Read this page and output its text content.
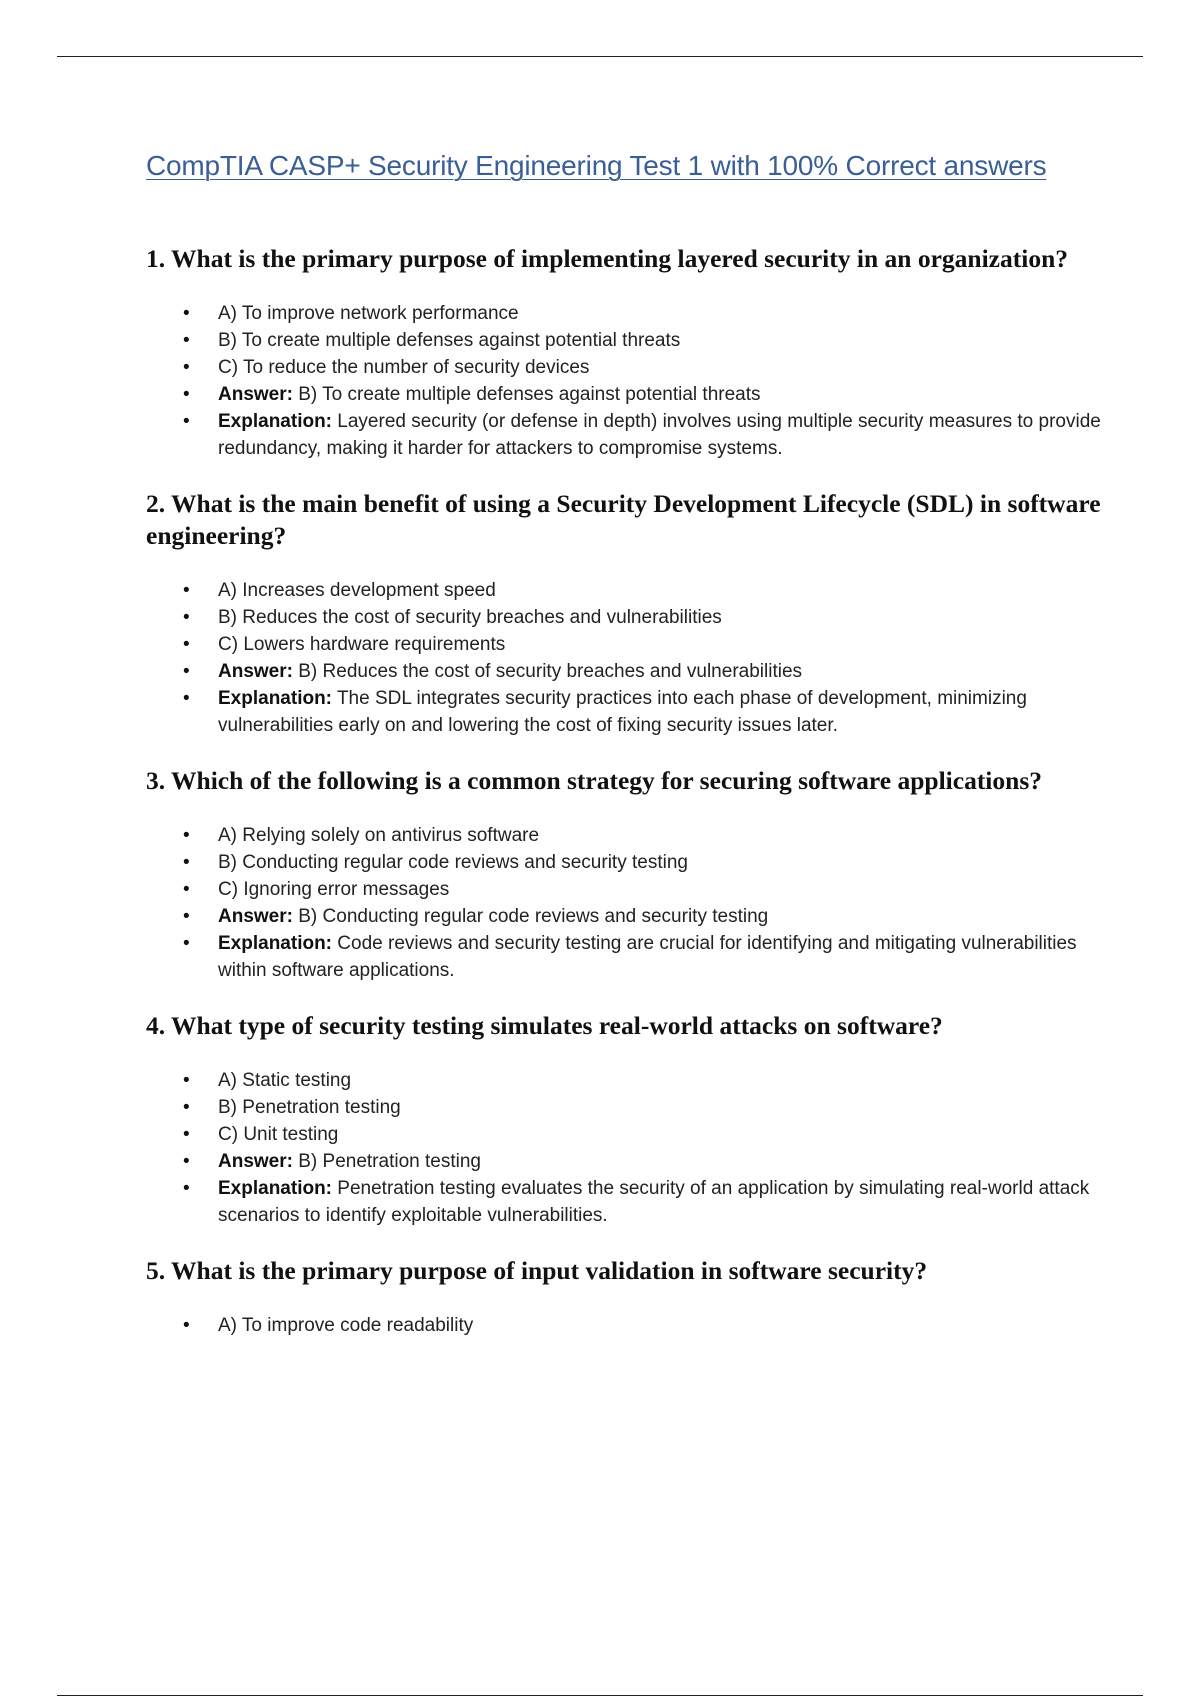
CompTIA CASP+ Security Engineering Test 1 with 100% Correct answers
1. What is the primary purpose of implementing layered security in an organization?
• A) To improve network performance
• B) To create multiple defenses against potential threats
• C) To reduce the number of security devices
• Answer: B) To create multiple defenses against potential threats
• Explanation: Layered security (or defense in depth) involves using multiple security measures to provide redundancy, making it harder for attackers to compromise systems.
2. What is the main benefit of using a Security Development Lifecycle (SDL) in software engineering?
• A) Increases development speed
• B) Reduces the cost of security breaches and vulnerabilities
• C) Lowers hardware requirements
• Answer: B) Reduces the cost of security breaches and vulnerabilities
• Explanation: The SDL integrates security practices into each phase of development, minimizing vulnerabilities early on and lowering the cost of fixing security issues later.
3. Which of the following is a common strategy for securing software applications?
• A) Relying solely on antivirus software
• B) Conducting regular code reviews and security testing
• C) Ignoring error messages
• Answer: B) Conducting regular code reviews and security testing
• Explanation: Code reviews and security testing are crucial for identifying and mitigating vulnerabilities within software applications.
4. What type of security testing simulates real-world attacks on software?
• A) Static testing
• B) Penetration testing
• C) Unit testing
• Answer: B) Penetration testing
• Explanation: Penetration testing evaluates the security of an application by simulating real-world attack scenarios to identify exploitable vulnerabilities.
5. What is the primary purpose of input validation in software security?
• A) To improve code readability
